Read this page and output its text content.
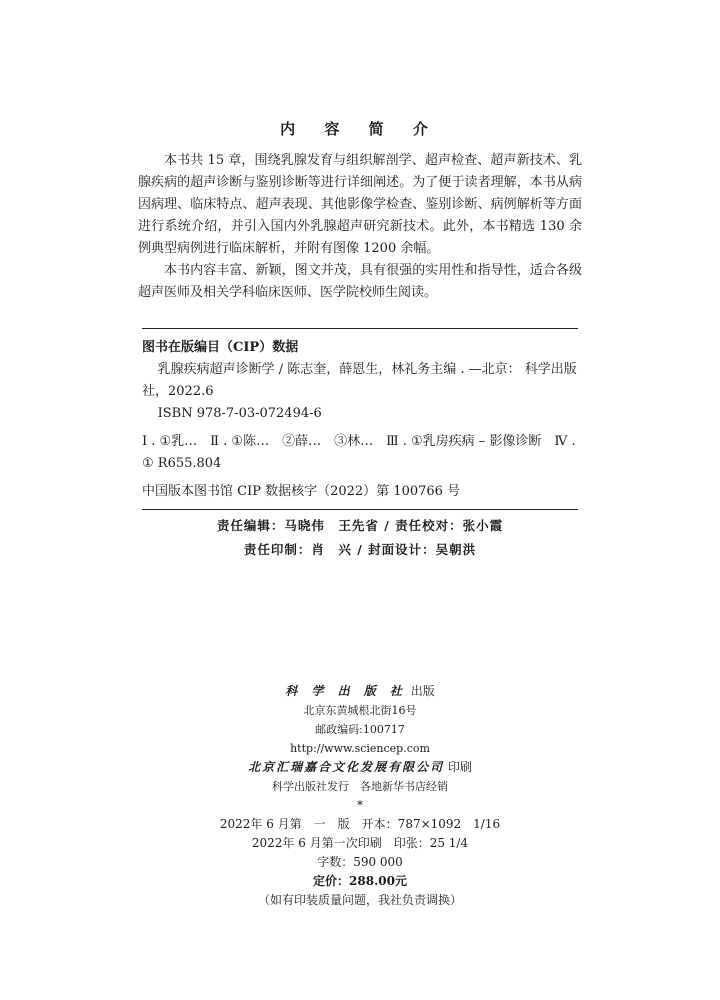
内 容 简 介

本书共 15 章，围绕乳腺发育与组织解剖学、超声检查、超声新技术、乳腺疾病的超声诊断与鉴别诊断等进行详细阐述。为了便于读者理解，本书从病因病理、临床特点、超声表现、其他影像学检查、鉴别诊断、病例解析等方面进行系统介绍，并引入国内外乳腺超声研究新技术。此外，本书精选 130 余例典型病例进行临床解析，并附有图像 1200 余幅。

本书内容丰富、新颖，图文并茂，具有很强的实用性和指导性，适合各级超声医师及相关学科临床医师、医学院校师生阅读。

图书在版编目（CIP）数据
乳腺疾病超声诊断学 / 陈志奎，薛恩生，林礼务主编 . —北京： 科学出版社，2022.6
ISBN 978-7-03-072494-6
Ⅰ . ①乳…　Ⅱ . ①陈…　②薛…　③林…　Ⅲ . ①乳房疾病 – 影像诊断　Ⅳ . ① R655.804
中国版本图书馆 CIP 数据核字（2022）第 100766 号
责任编辑：马晓伟　王先省 / 责任校对：张小霞
责任印制：肖　兴 / 封面设计：吴朝洪
科 学 出 版 社 出版
北京东黄城根北街16号
邮政编码:100717
http://www.sciencep.com
北京汇瑞嘉合文化发展有限公司 印刷
科学出版社发行　各地新华书店经销
*
2022年 6 月第　一　版　开本：787×1092　1/16
2022年 6 月第一次印刷　印张：25 1/4
字数：590 000
定价：288.00元
（如有印装质量问题，我社负责调换）
